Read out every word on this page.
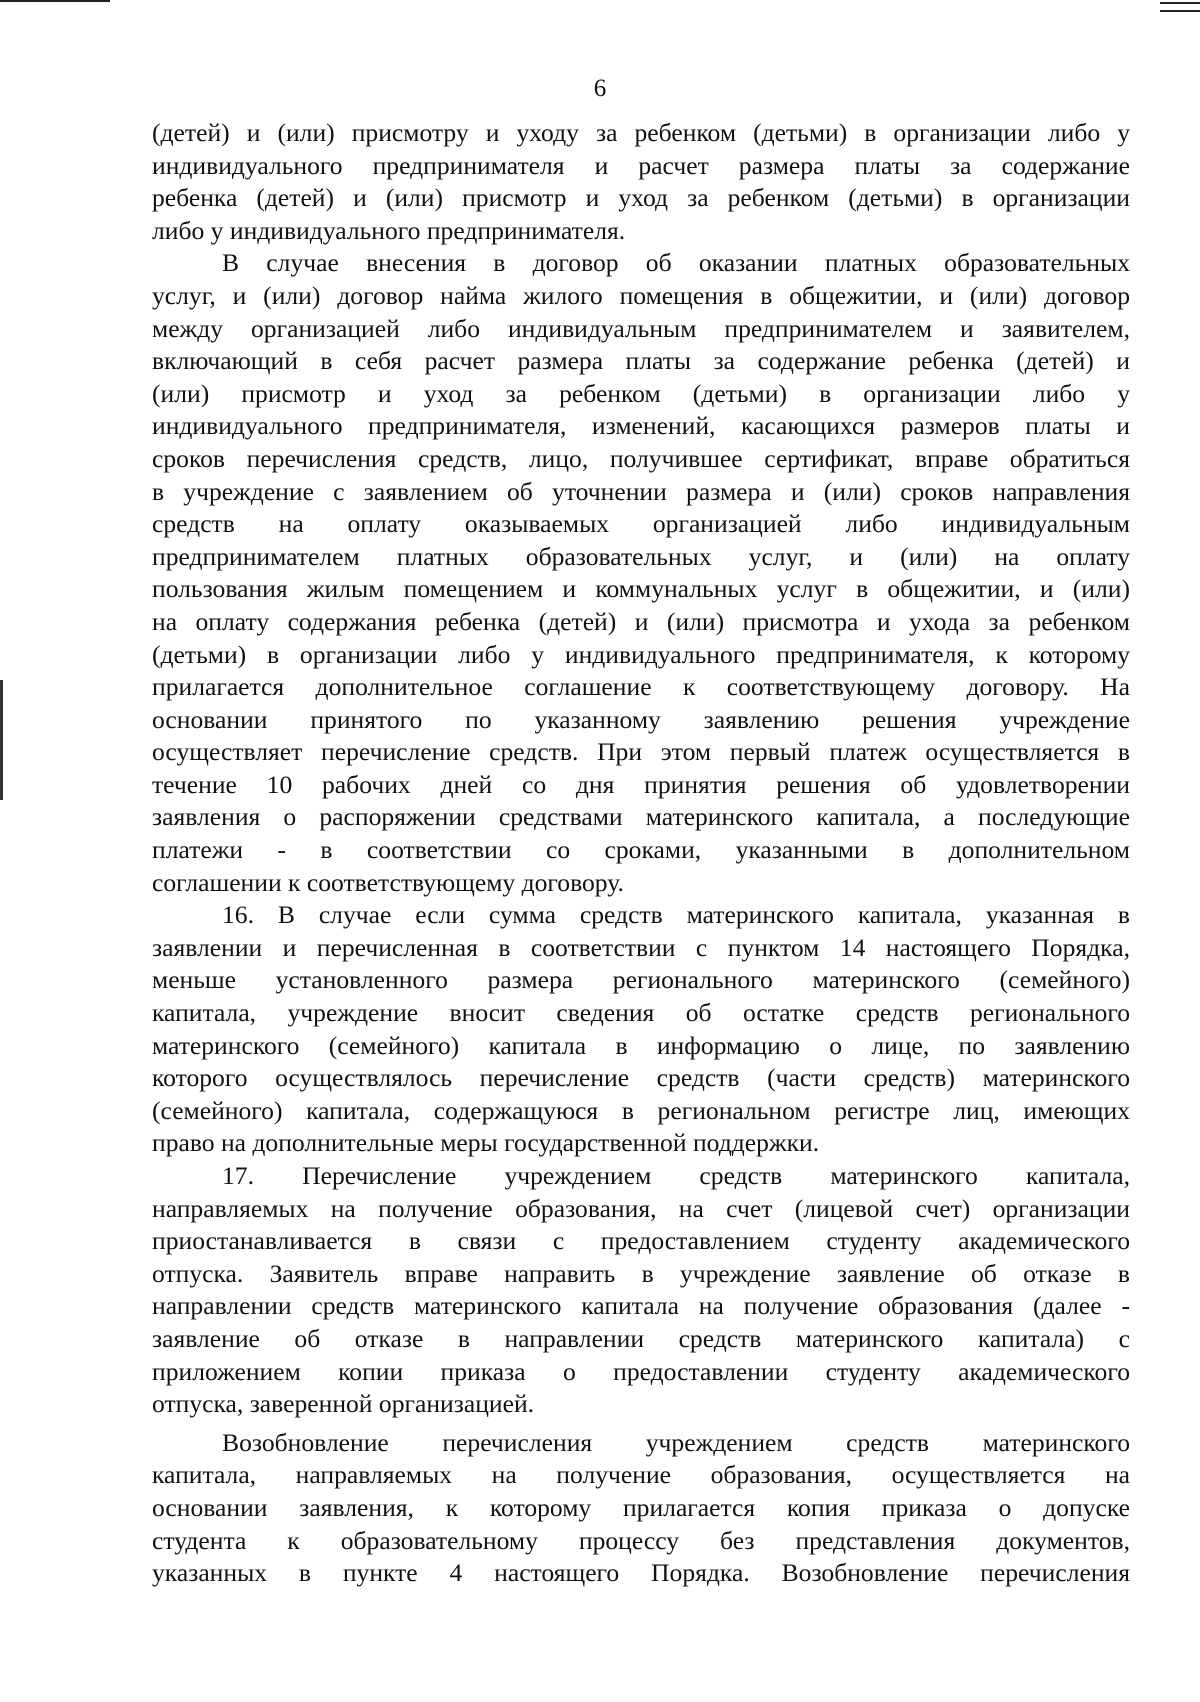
6

(детей) и (или) присмотру и уходу за ребенком (детьми) в организации либо у
индивидуального предпринимателя и расчет размера платы за содержание
ребенка (детей) и (или) присмотр и уход за ребенком (детьми) в организации
либо у индивидуального предпринимателя.

В случае внесения в договор об оказании платных образовательных
услуг, и (или) договор найма жилого помещения в общежитии, и (или) договор
между организацией либо индивидуальным предпринимателем и заявителем,
включающий в себя расчет размера платы за содержание ребенка (детей) и
(или) присмотр и уход за ребенком (детьми) в организации либо у
индивидуального предпринимателя, изменений, касающихся размеров платы и
сроков перечисления средств, лицо, получившее сертификат, вправе обратиться
в учреждение с заявлением об уточнении размера и (или) сроков направления
средств на оплату оказываемых организацией либо индивидуальным
предпринимателем платных образовательных услуг, и (или) на оплату
пользования жилым помещением и коммунальных услуг в общежитии, и (или)
на оплату содержания ребенка (детей) и (или) присмотра и ухода за ребенком
(детьми) в организации либо у индивидуального предпринимателя, к которому
прилагается дополнительное соглашение к соответствующему договору. На
основании принятого по указанному заявлению решения учреждение
осуществляет перечисление средств. При этом первый платеж осуществляется в
течение 10 рабочих дней со дня принятия решения об удовлетворении
заявления о распоряжении средствами материнского капитала, а последующие
платежи - в соответствии со сроками, указанными в дополнительном
соглашении к соответствующему договору.

16. В случае если сумма средств материнского капитала, указанная в
заявлении и перечисленная в соответствии с пунктом 14 настоящего Порядка,
меньше установленного размера регионального материнского (семейного)
капитала, учреждение вносит сведения об остатке средств регионального
материнского (семейного) капитала в информацию о лице, по заявлению
которого осуществлялось перечисление средств (части средств) материнского
(семейного) капитала, содержащуюся в региональном регистре лиц, имеющих
право на дополнительные меры государственной поддержки.

17. Перечисление учреждением средств материнского капитала,
направляемых на получение образования, на счет (лицевой счет) организации
приостанавливается в связи с предоставлением студенту академического
отпуска. Заявитель вправе направить в учреждение заявление об отказе в
направлении средств материнского капитала на получение образования (далее -
заявление об отказе в направлении средств материнского капитала) с
приложением копии приказа о предоставлении студенту академического
отпуска, заверенной организацией.

Возобновление перечисления учреждением средств материнского
капитала, направляемых на получение образования, осуществляется на
основании заявления, к которому прилагается копия приказа о допуске
студента к образовательному процессу без представления документов,
указанных в пункте 4 настоящего Порядка. Возобновление перечисления
